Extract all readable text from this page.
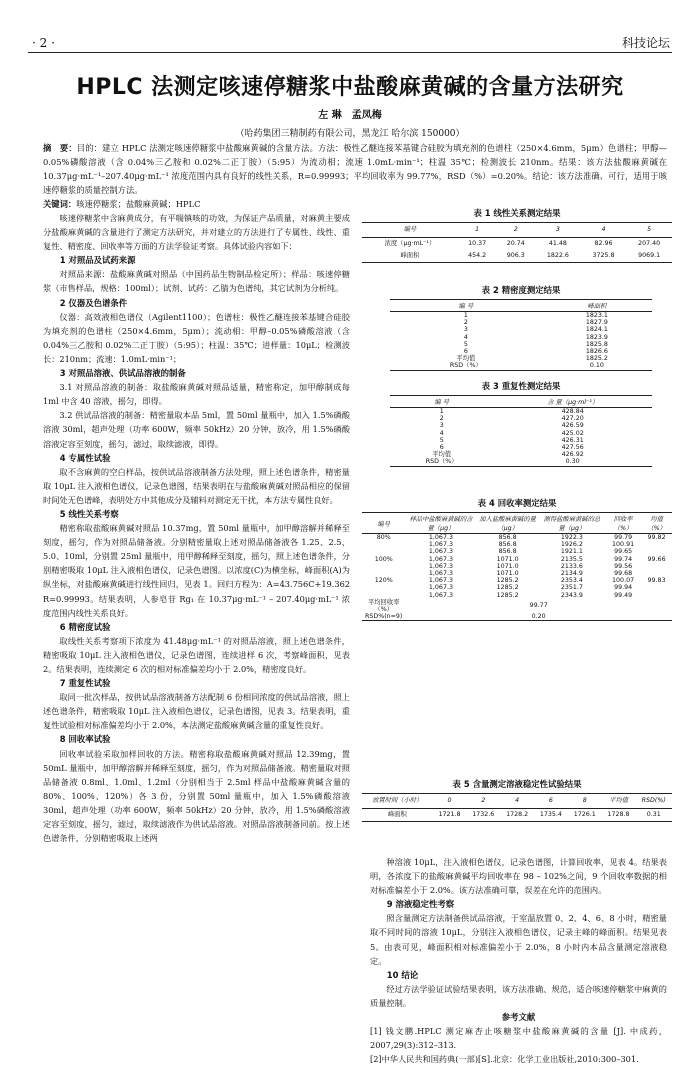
· 2 ·	科技论坛
HPLC 法测定咳速停糖浆中盐酸麻黄碱的含量方法研究
左 琳　孟凤梅
（哈药集团三精制药有限公司，黑龙江 哈尔滨 150000）
摘　要：目的：建立 HPLC 法测定咳速停糖浆中盐酸麻黄碱的含量方法。方法：极性乙醚连接苯基键合硅胶为填充剂的色谱柱（250×4.6mm，5μm）色谱柱；甲醇—0.05%磷酸溶液（含 0.04%三乙胺和 0.02%二正丁胺）（5:95）为流动相；流速 1.0mL·min⁻¹；柱温 35℃；检测波长 210nm。结果：该方法盐酸麻黄碱在 10.37μg·mL⁻¹–207.40μg·mL⁻¹ 浓度范围内具有良好的线性关系，R=0.99993；平均回收率为 99.77%，RSD（%）=0.20%。结论：该方法准确、可行，适用于咳速停糖浆的质量控制方法。
关键词：咳速停糖浆；盐酸麻黄碱；HPLC

咳速停糖浆中含麻黄成分，有平喘镇咳的功效，为保证产品质量，对麻黄主要成分盐酸麻黄碱的含量进行了测定方法研究，并对建立的方法进行了专属性、线性、重复性、精密度、回收率等方面的方法学验证考察。具体试验内容如下：

1 对照品及试药来源

对照品来源：盐酸麻黄碱对照品（中国药品生物制品检定所）；样品：咳速停糖浆（市售样品，规格：100ml）；试剂、试药：乙腈为色谱纯，其它试剂为分析纯。

2 仪器及色谱条件

仪器：高效液相色谱仪（Agilent1100）；色谱柱：极性乙醚连接苯基键合硅胶为填充剂的色谱柱（250×4.6mm，5μm）；流动相：甲醇–0.05%磷酸溶液（含 0.04%三乙胺和 0.02%二正丁胺）（5:95）；柱温：35℃；进样量：10μL；检测波长：210nm；流速：1.0mL·min⁻¹；

3 对照品溶液、供试品溶液的制备

3.1 对照品溶液的制备：取盐酸麻黄碱对照品适量，精密称定，加甲醇制成每 1ml 中含 40 溶液，摇匀，即得。

3.2 供试品溶液的制备：精密量取本品 5ml，置 50ml 量瓶中，加入 1.5%磷酸溶液 30ml，超声处理（功率 600W，频率 50kHz）20 分钟，放冷，用 1.5%磷酸溶液定容至刻度，摇匀，滤过，取续滤液，即得。

4 专属性试验

取不含麻黄的空白样品，按供试品溶液制备方法处理，照上述色谱条件，精密量取 10μL 注入液相色谱仪，记录色谱图，结果表明在与盐酸麻黄碱对照品相应的保留时间处无色谱峰，表明处方中其他成分及辅料对测定无干扰，本方法专属性良好。

5 线性关系考察

精密称取盐酸麻黄碱对照品 10.37mg，置 50ml 量瓶中，加甲醇溶解并稀释至刻度，摇匀，作为对照品储备液。分别精密量取上述对照品储备液各 1.25、2.5、5.0、10ml，分别置 25ml 量瓶中，用甲醇稀释至刻度，摇匀，照上述色谱条件，分别精密吸取 10μL 注入液相色谱仪，记录色谱图。以浓度(C)为横坐标，峰面积(A)为纵坐标，对盐酸麻黄碱进行线性回归，见表 1。回归方程为：A=43.756C+19.362　R=0.99993。结果表明，人参皂苷 Rg₁ 在 10.37μg·mL⁻¹ – 207.40μg·mL⁻¹ 浓度范围内线性关系良好。

6 精密度试验

取线性关系考察项下浓度为 41.48μg·mL⁻¹ 的对照品溶液，照上述色谱条件，精密吸取 10μL 注入液相色谱仪，记录色谱图，连续进样 6 次，考察峰面积，见表 2。结果表明，连续测定 6 次的相对标准偏差均小于 2.0%，精密度良好。

7 重复性试验

取同一批次样品，按供试品溶液制备方法配制 6 份相同浓度的供试品溶液，照上述色谱条件，精密吸取 10μL 注入液相色谱仪，记录色谱图，见表 3。结果表明，重复性试验相对标准偏差均小于 2.0%，本法测定盐酸麻黄碱含量的重复性良好。

8 回收率试验

回收率试验采取加样回收的方法。精密称取盐酸麻黄碱对照品 12.39mg，置 50mL 量瓶中，加甲醇溶解并稀释至刻度，摇匀，作为对照品储备液。精密量取对照品储备液 0.8ml、1.0ml、1.2ml（分别相当于 2.5ml 样品中盐酸麻黄碱含量的 80%、100%、120%）各 3 份，分别置 50ml 量瓶中，加入 1.5%磷酸溶液 30ml，超声处理（功率 600W，频率 50kHz）20 分钟，放冷，用 1.5%磷酸溶液定容至刻度，摇匀，滤过，取续滤液作为供试品溶液。对照品溶液制备同前。按上述色谱条件，分别精密吸取上述两

表 1 线性关系测定结果
编号	1	2	3	4	5
浓度（μg·mL⁻¹）	10.37	20.74	41.48	82.96	207.40
峰面积	454.2	906.3	1822.6	3725.8	9069.1
表 2 精密度测定结果
编 号	峰面积
1	1823.1
2	1827.9
3	1824.1
4	1823.9
5	1825.8
6	1826.6
平均值	1825.2
RSD（%）	0.10
表 3 重复性测定结果
编 号	含 量（μg·ml⁻¹）
1	428.84
2	427.20
3	426.59
4	425.02
5	426.31
6	427.56
平均值	426.92
RSD（%）	0.30
表 4 回收率测定结果
编号	样品中盐酸麻黄碱的含量（μg）	加入盐酸麻黄碱的量（μg）	测得盐酸麻黄碱的总量（μg）	回收率（%）	均值（%）
80%	1,067.3	856.8	1922.3	99.79	99.82
	1,067.3	856.8	1926.2	100.91	
	1,067.3	856.8	1921.1	99.65	
100%	1,067.3	1071.0	2135.5	99.74	99.66
	1,067.3	1071.0	2133.6	99.56	
	1,067.3	1071.0	2134.9	99.68	
120%	1,067.3	1285.2	2353.4	100.07	99.83
	1,067.3	1285.2	2351.7	99.94	
	1,067.3	1285.2	2343.9	99.49	
平均回收率（%）	99.77				
RSD%(n=9)	0.20				
表 5 含量测定溶液稳定性试验结果
放置时间（小时）	0	2	4	6	8	平均值	RSD(%)
峰面积	1721.8	1732.6	1728.2	1735.4	1726.1	1728.8	0.31

种溶液 10μL，注入液相色谱仪，记录色谱图，计算回收率，见表 4。结果表明，各浓度下的盐酸麻黄碱平均回收率在 98 – 102%之间，9 个回收率数据的相对标准偏差小于 2.0%。该方法准确可靠，误差在允许的范围内。

9 溶液稳定性考察

照含量测定方法制备供试品溶液，于室温放置 0、2、4、6、8 小时，精密量取不同时间的溶液 10μL，分别注入液相色谱仪，记录主峰的峰面积。结果见表 5。由表可见，峰面积相对标准偏差小于 2.0%，8 小时内本品含量测定溶液稳定。

10 结论

经过方法学验证试验结果表明，该方法准确、规范，适合咳速停糖浆中麻黄的质量控制。

参考文献

[1] 钱文鹏.HPLC 测定麻杏止咳糖浆中盐酸麻黄碱的含量 [J]. 中成药，2007,29(3):312–313.

[2]中华人民共和国药典(一部)[S].北京：化学工业出版社,2010:300–301.
